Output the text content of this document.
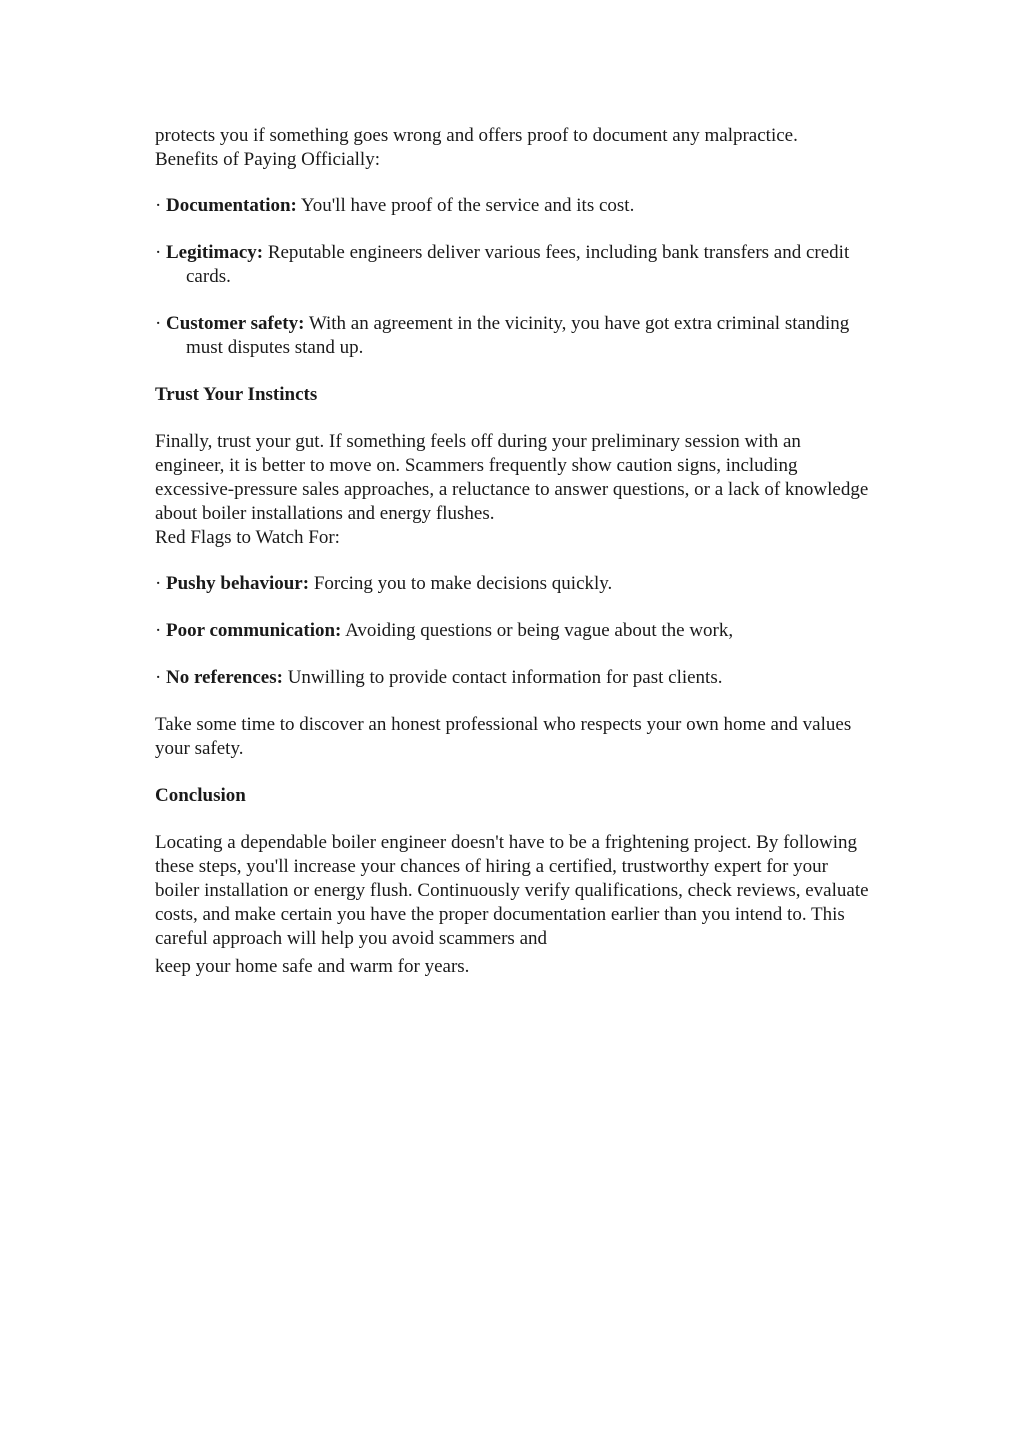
protects you if something goes wrong and offers proof to document any malpractice.
Benefits of Paying Officially:

· Documentation: You'll have proof of the service and its cost.

· Legitimacy: Reputable engineers deliver various fees, including bank transfers and credit cards.

· Customer safety: With an agreement in the vicinity, you have got extra criminal standing must disputes stand up.

Trust Your Instincts

Finally, trust your gut. If something feels off during your preliminary session with an engineer, it is better to move on. Scammers frequently show caution signs, including excessive-pressure sales approaches, a reluctance to answer questions, or a lack of knowledge about boiler installations and energy flushes.
Red Flags to Watch For:

· Pushy behaviour: Forcing you to make decisions quickly.

· Poor communication: Avoiding questions or being vague about the work,

· No references: Unwilling to provide contact information for past clients.

Take some time to discover an honest professional who respects your own home and values your safety.

Conclusion

Locating a dependable boiler engineer doesn't have to be a frightening project. By following these steps, you'll increase your chances of hiring a certified, trustworthy expert for your boiler installation or energy flush. Continuously verify qualifications, check reviews, evaluate costs, and make certain you have the proper documentation earlier than you intend to. This careful approach will help you avoid scammers and
keep your home safe and warm for years.
